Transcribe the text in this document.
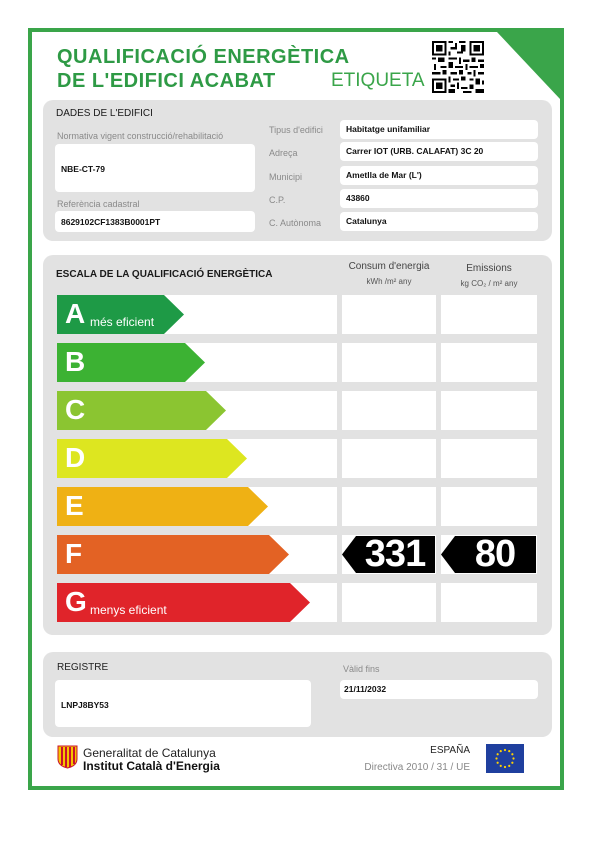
QUALIFICACIÓ ENERGÈTICA
DE L'EDIFICI ACABAT	ETIQUETA
DADES DE L'EDIFICI
Normativa vigent construcció/rehabilitació
NBE-CT-79
Referència cadastral
8629102CF1383B0001PT
Tipus d'edifici	Habitatge unifamiliar
Adreça	Carrer IOT (URB. CALAFAT) 3C 20
Municipi	Ametlla de Mar (L')
C.P.	43860
C. Autònoma	Catalunya
ESCALA DE LA QUALIFICACIÓ ENERGÈTICA
Consum d'energia
kWh /m² any
Emissions
kg CO₂ / m² any
A més eficient
B
C
D
E
F	331	80
G menys eficient
REGISTRE
LNPJ8BY53
Vàlid fins
21/11/2032
Generalitat de Catalunya
Institut Català d'Energia
ESPAÑA
Directiva 2010 / 31 / UE
